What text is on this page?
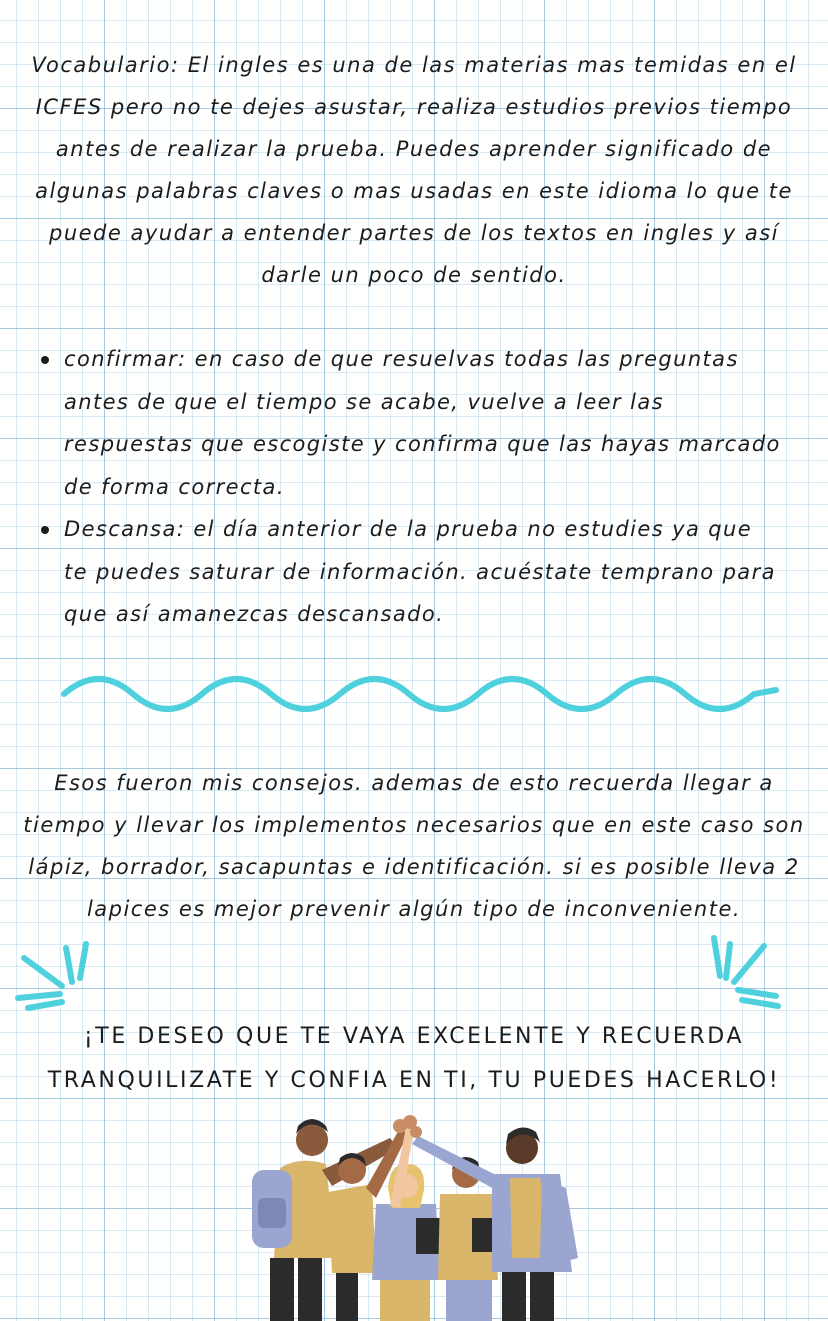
Vocabulario: El ingles es una de las materias mas temidas en el
ICFES pero no te dejes asustar, realiza estudios previos tiempo
antes de realizar la prueba. Puedes aprender significado de
algunas palabras claves o mas usadas en este idioma lo que te
puede ayudar a entender partes de los textos en ingles y así
darle un poco de sentido.
confirmar: en caso de que resuelvas todas las preguntas
antes de que el tiempo se acabe, vuelve a leer las
respuestas que escogiste y confirma que las hayas marcado
de forma correcta.
Descansa: el día anterior de la prueba no estudies ya que
te puedes saturar de información. acuéstate temprano para
que así amanezcas descansado.
Esos fueron mis consejos. ademas de esto recuerda llegar a
tiempo y llevar los implementos necesarios que en este caso son
lápiz, borrador, sacapuntas e identificación. si es posible lleva 2
lapices es mejor prevenir algún tipo de inconveniente.
¡TE DESEO QUE TE VAYA EXCELENTE Y RECUERDA
TRANQUILIZATE Y CONFIA EN TI, TU PUEDES HACERLO!
